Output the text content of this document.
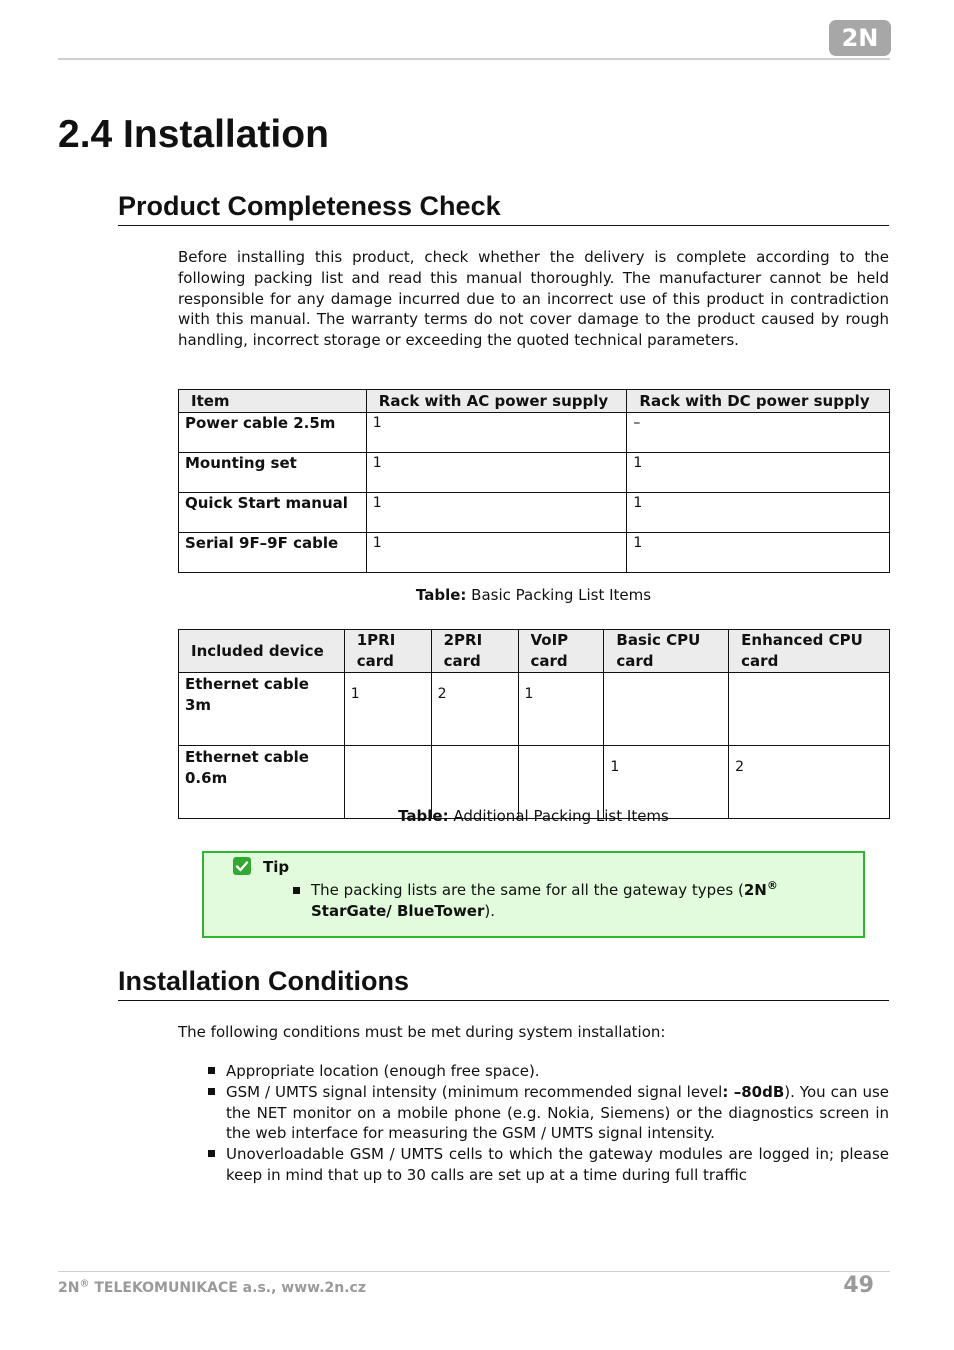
2N
2.4 Installation
Product Completeness Check

Before installing this product, check whether the delivery is complete according to the following packing list and read this manual thoroughly. The manufacturer cannot be held responsible for any damage incurred due to an incorrect use of this product in contradiction with this manual. The warranty terms do not cover damage to the product caused by rough handling, incorrect storage or exceeding the quoted technical parameters.

Item	Rack with AC power supply	Rack with DC power supply
Power cable 2.5m	1	–
Mounting set	1	1
Quick Start manual	1	1
Serial 9F–9F cable	1	1

Table: Basic Packing List Items

Included device	1PRI card	2PRI card	VoIP card	Basic CPU card	Enhanced CPU card
Ethernet cable 3m	1	2	1		
Ethernet cable 0.6m				1	2

Table: Additional Packing List Items

Tip

The packing lists are the same for all the gateway types (2N®
StarGate/ BlueTower).

Installation Conditions

The following conditions must be met during system installation:

Appropriate location (enough free space).
GSM / UMTS signal intensity (minimum recommended signal level: –80dB). You can use the NET monitor on a mobile phone (e.g. Nokia, Siemens) or the diagnostics screen in the web interface for measuring the GSM / UMTS signal intensity.
Unoverloadable GSM / UMTS cells to which the gateway modules are logged in; please keep in mind that up to 30 calls are set up at a time during full traffic
2N® TELEKOMUNIKACE a.s., www.2n.cz	49
